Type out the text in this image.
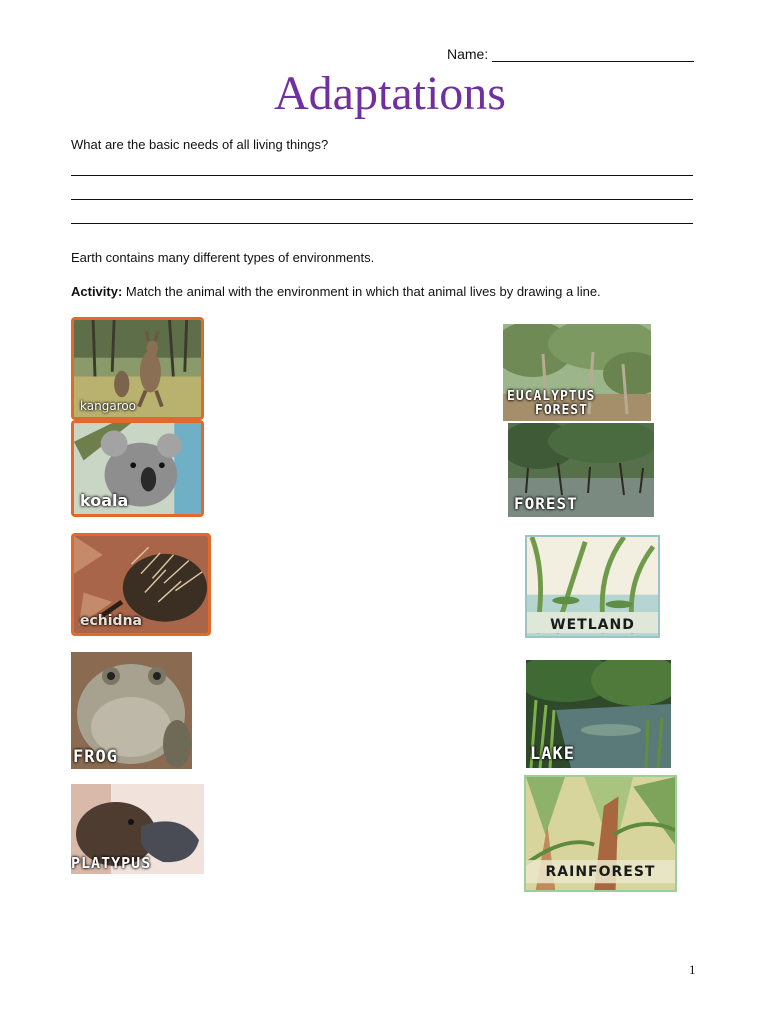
Name:
Adaptations
What are the basic needs of all living things?
Earth contains many different types of environments.
Activity: Match the animal with the environment in which that animal lives by drawing a line.
kangaroo
koala
echidna
FROG
PLATYPUS
EUCALYPTUS
FOREST
FOREST
WETLAND
LAKE
RAINFOREST
1
